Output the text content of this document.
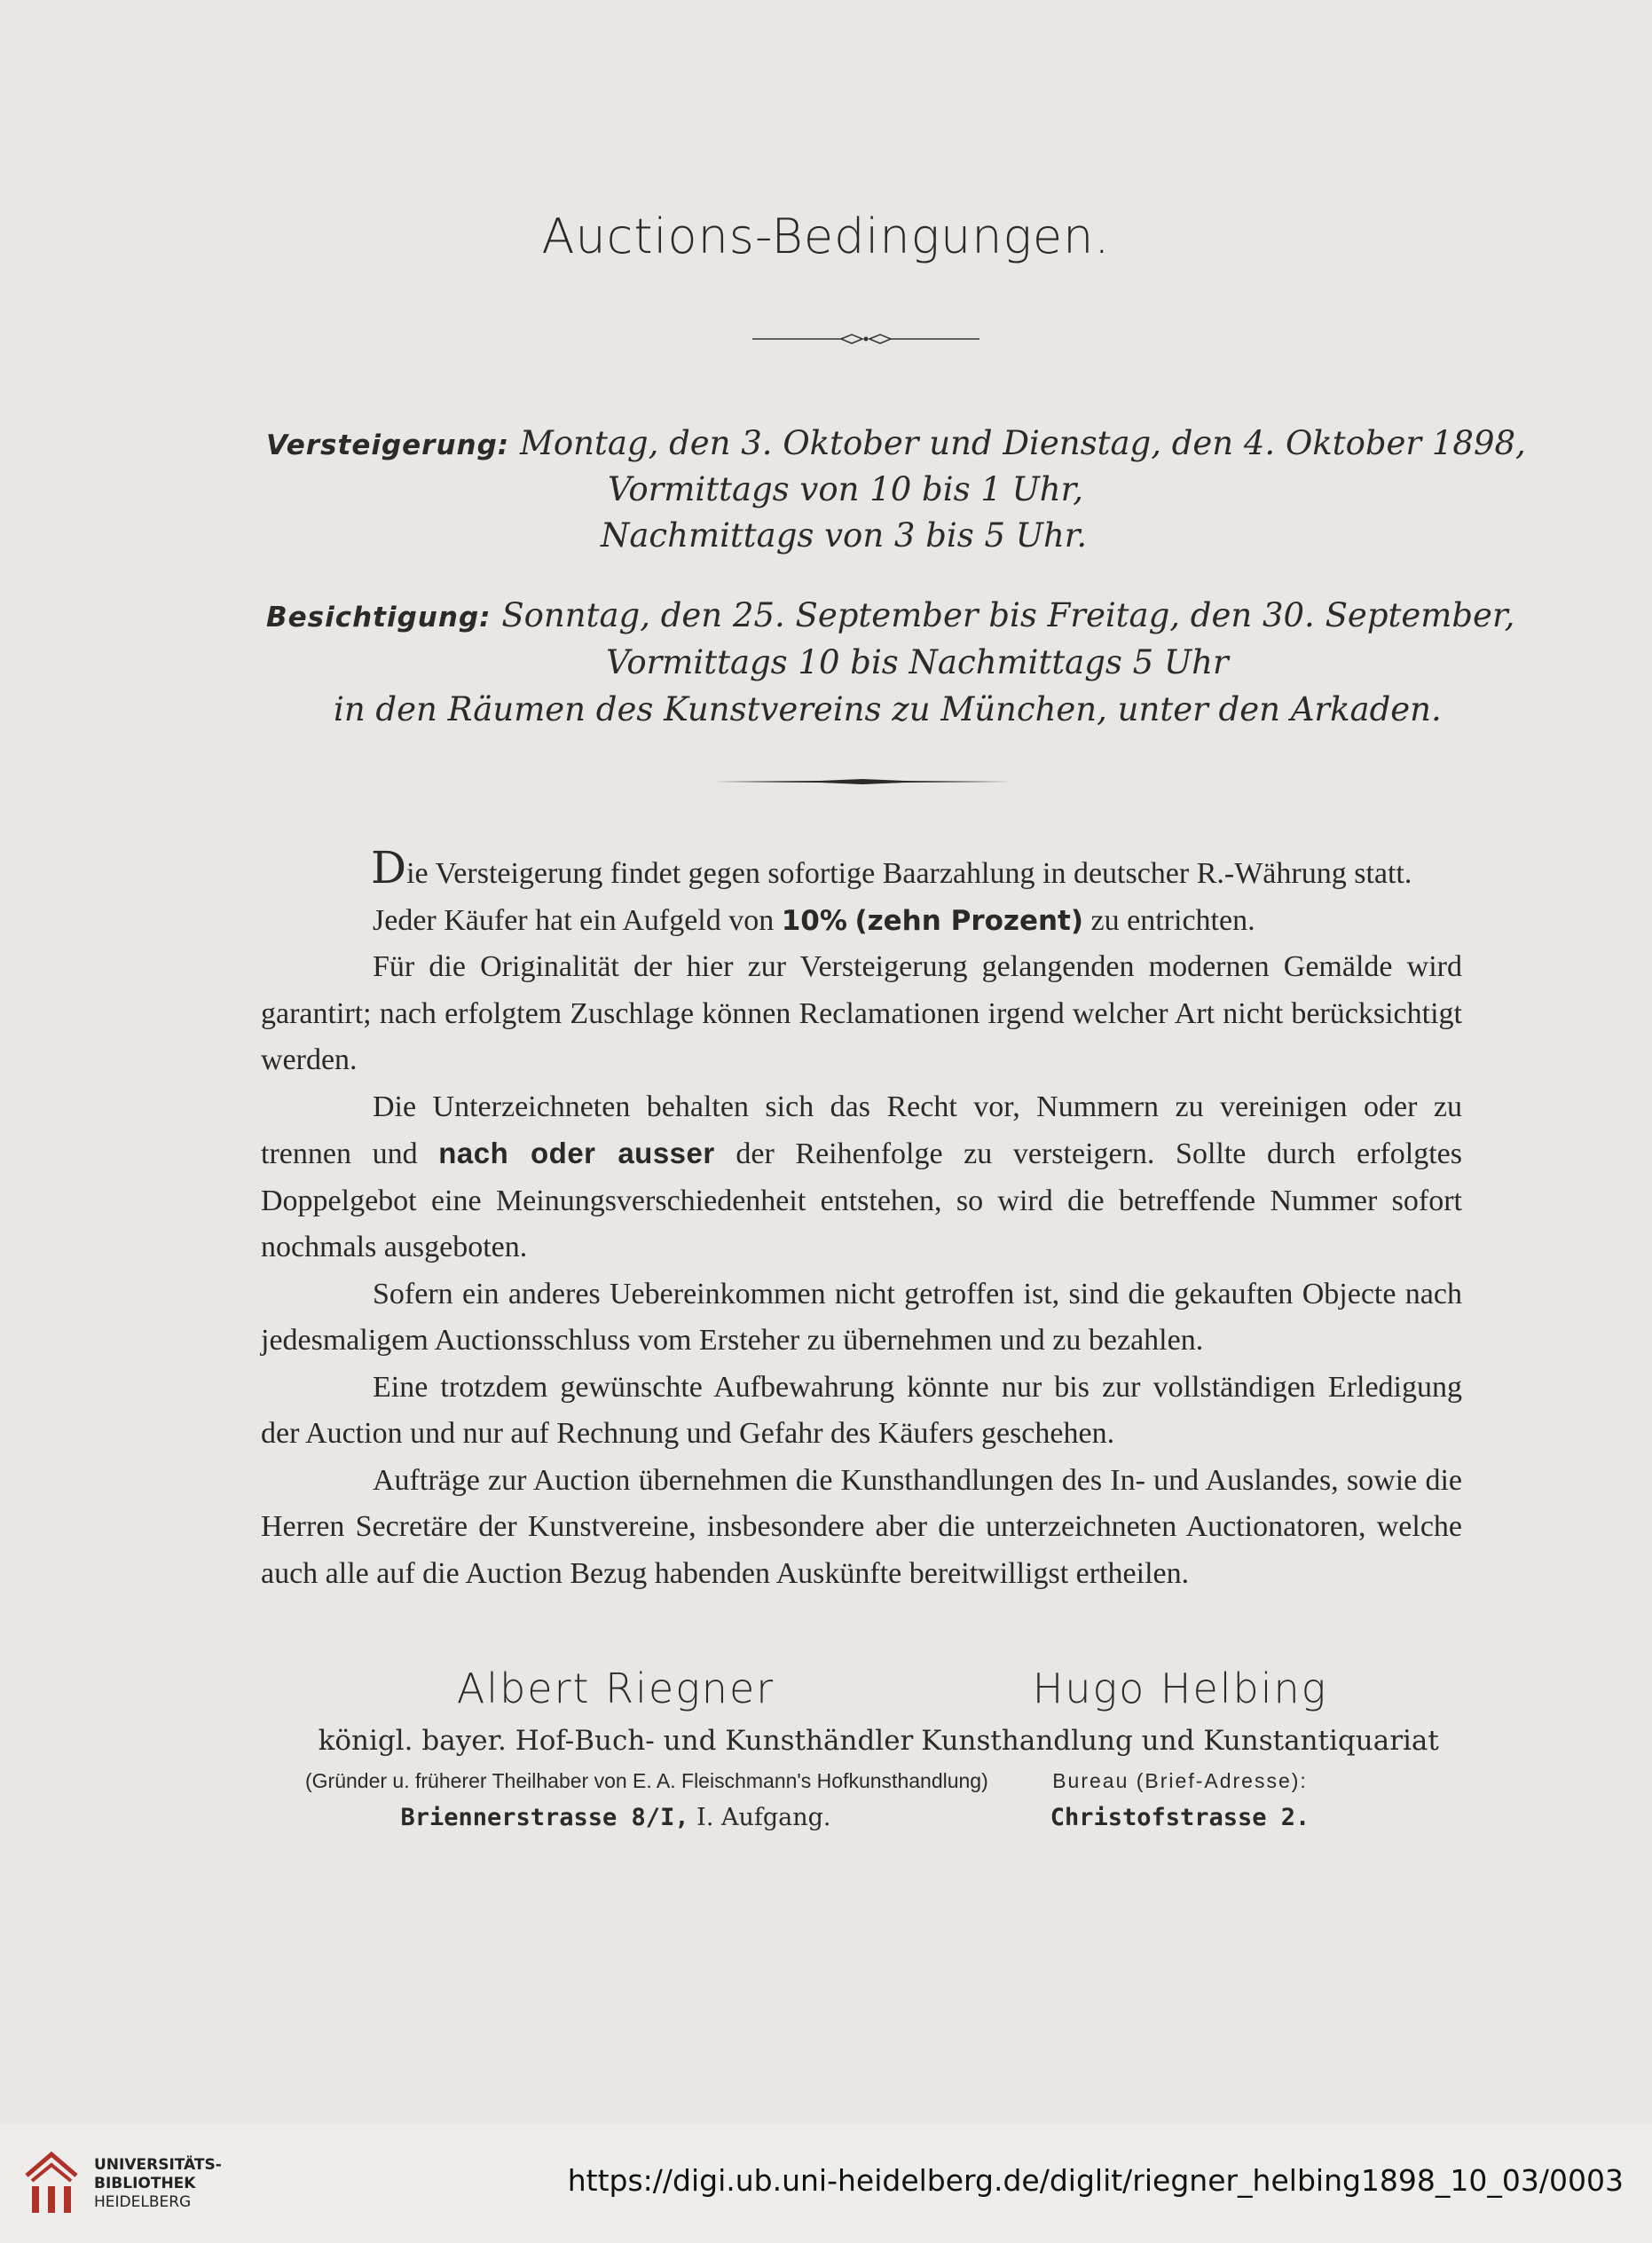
Auctions-Bedingungen.
Versteigerung: Montag, den 3. Oktober und Dienstag, den 4. Oktober 1898,
Vormittags von 10 bis 1 Uhr,
Nachmittags von 3 bis 5 Uhr.
Besichtigung: Sonntag, den 25. September bis Freitag, den 30. September,
Vormittags 10 bis Nachmittags 5 Uhr
in den Räumen des Kunstvereins zu München, unter den Arkaden.

Die Versteigerung findet gegen sofortige Baarzahlung in deutscher R.-Währung statt.

Jeder Käufer hat ein Aufgeld von 10% (zehn Prozent) zu entrichten.

Für die Originalität der hier zur Versteigerung gelangenden modernen Gemälde wird garantirt; nach erfolgtem Zuschlage können Reclamationen irgend welcher Art nicht berücksichtigt werden.

Die Unterzeichneten behalten sich das Recht vor, Nummern zu vereinigen oder zu trennen und nach oder ausser der Reihenfolge zu versteigern. Sollte durch erfolgtes Doppelgebot eine Meinungsverschiedenheit entstehen, so wird die betreffende Nummer sofort nochmals ausgeboten.

Sofern ein anderes Uebereinkommen nicht getroffen ist, sind die gekauften Objecte nach jedesmaligem Auctionsschluss vom Ersteher zu übernehmen und zu bezahlen.

Eine trotzdem gewünschte Aufbewahrung könnte nur bis zur vollständigen Erledigung der Auction und nur auf Rechnung und Gefahr des Käufers geschehen.

Aufträge zur Auction übernehmen die Kunsthandlungen des In- und Auslandes, sowie die Herren Secretäre der Kunstvereine, insbesondere aber die unterzeichneten Auctionatoren, welche auch alle auf die Auction Bezug habenden Auskünfte bereitwilligst ertheilen.

Albert Riegner
königl. bayer. Hof-Buch- und Kunsthändler
(Gründer u. früherer Theilhaber von E. A. Fleischmann's Hofkunsthandlung)
Briennerstrasse 8/I, I. Aufgang.
Hugo Helbing
Kunsthandlung und Kunstantiquariat
Bureau (Brief-Adresse):
Christofstrasse 2.
UNIVERSITÄTS-
BIBLIOTHEK
HEIDELBERG
https://digi.ub.uni-heidelberg.de/diglit/riegner_helbing1898_10_03/0003
